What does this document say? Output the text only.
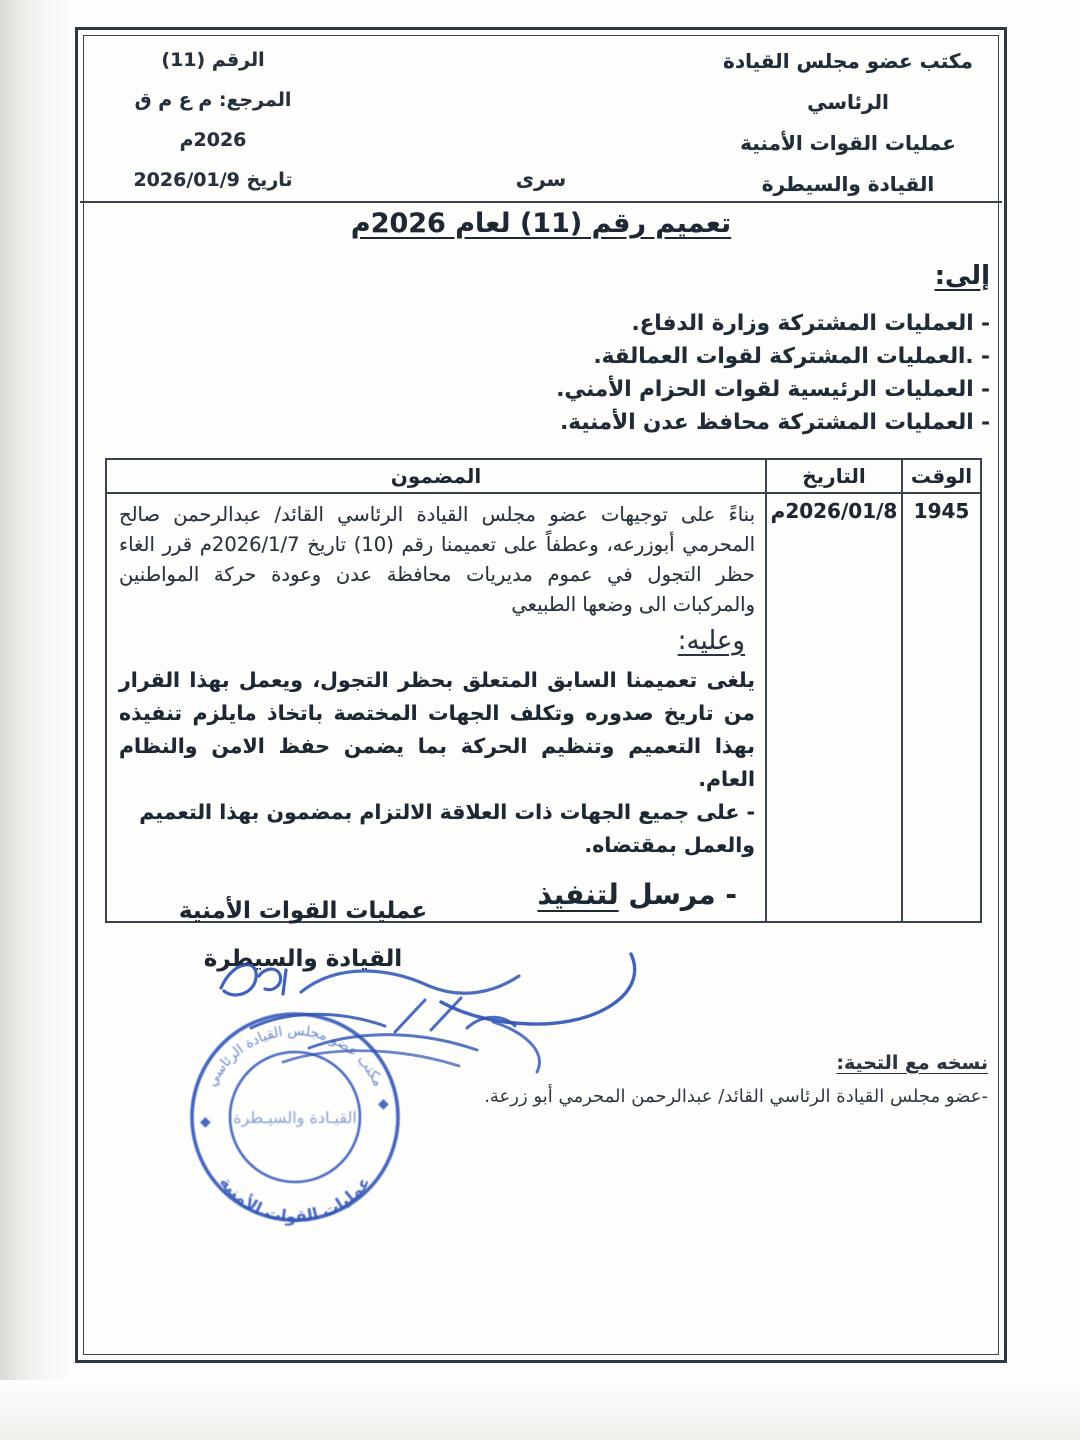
الرقم (11)
المرجع: م ع م ق 2026م
تاريخ 2026/01/9
مكتب عضو مجلس القيادة الرئاسي
عمليات القوات الأمنية
القيادة والسيطرة
سرى
تعميم رقم (11) لعام 2026م
إلى:
- العمليات المشتركة وزارة الدفاع.
- .العمليات المشتركة لقوات العمالقة.
- العمليات الرئيسية لقوات الحزام الأمني.
- العمليات المشتركة محافظ عدن الأمنية.
الوقت	التاريخ	المضمون
1945	2026/01/8م	بناءً على توجيهات عضو مجلس القيادة الرئاسي القائد/ عبدالرحمن صالح المحرمي أبوزرعه، وعطفاً على تعميمنا رقم (10) تاريخ 2026/1/7م قرر الغاء حظر التجول في عموم مديريات محافظة عدن وعودة حركة المواطنين والمركبات الى وضعها الطبيعي

وعليه:

يلغى تعميمنا السابق المتعلق بحظر التجول، ويعمل بهذا القرار من تاريخ صدوره وتكلف الجهات المختصة باتخاذ مايلزم تنفيذه بهذا التعميم وتنظيم الحركة بما يضمن حفظ الامن والنظام العام.

- على جميع الجهات ذات العلاقة الالتزام بمضمون بهذا التعميم والعمل بمقتضاه.

- مرسل لتنفيذ
عمليات القوات الأمنية
القيادة والسيطرة
مكتب عضو مجلس القيادة الرئاسي
عمليات القوات الأمنية
القيـادة والسيـطرة
◆
◆
نسخه مع التحية:
-عضو مجلس القيادة الرئاسي القائد/ عبدالرحمن المحرمي أبو زرعة.
